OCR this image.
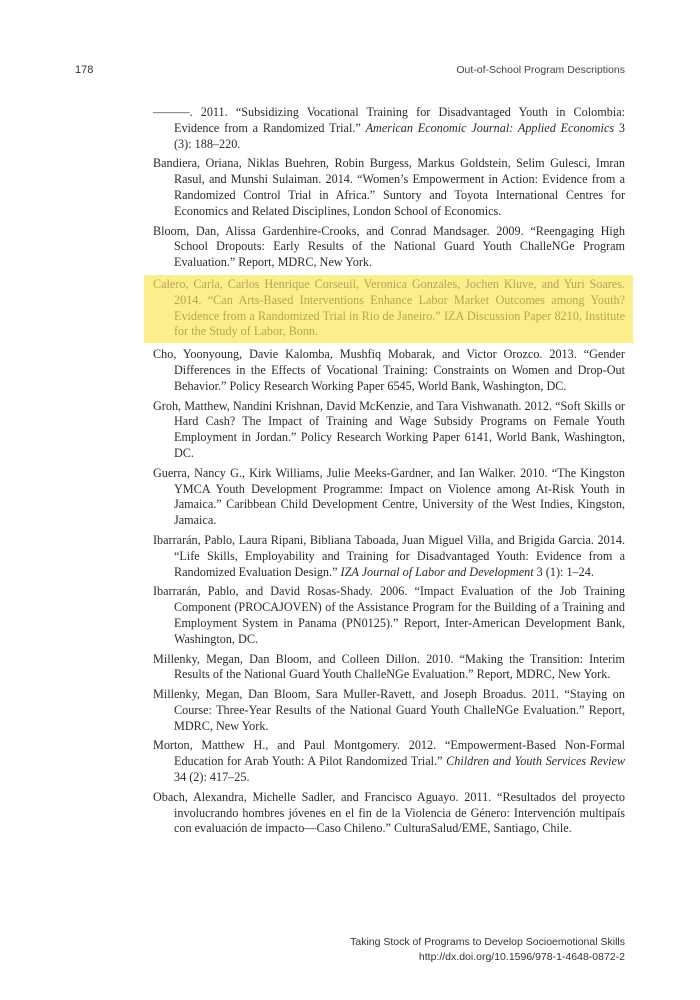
178	Out-of-School Program Descriptions

———. 2011. “Subsidizing Vocational Training for Disadvantaged Youth in Colombia: Evidence from a Randomized Trial.” American Economic Journal: Applied Economics 3 (3): 188–220.

Bandiera, Oriana, Niklas Buehren, Robin Burgess, Markus Goldstein, Selim Gulesci, Imran Rasul, and Munshi Sulaiman. 2014. “Women’s Empowerment in Action: Evidence from a Randomized Control Trial in Africa.” Suntory and Toyota International Centres for Economics and Related Disciplines, London School of Economics.

Bloom, Dan, Alissa Gardenhire-Crooks, and Conrad Mandsager. 2009. “Reengaging High School Dropouts: Early Results of the National Guard Youth ChalleNGe Program Evaluation.” Report, MDRC, New York.

Calero, Carla, Carlos Henrique Corseuil, Veronica Gonzales, Jochen Kluve, and Yuri Soares. 2014. “Can Arts-Based Interventions Enhance Labor Market Outcomes among Youth? Evidence from a Randomized Trial in Rio de Janeiro.” IZA Discussion Paper 8210, Institute for the Study of Labor, Bonn.

Cho, Yoonyoung, Davie Kalomba, Mushfiq Mobarak, and Victor Orozco. 2013. “Gender Differences in the Effects of Vocational Training: Constraints on Women and Drop-Out Behavior.” Policy Research Working Paper 6545, World Bank, Washington, DC.

Groh, Matthew, Nandini Krishnan, David McKenzie, and Tara Vishwanath. 2012. “Soft Skills or Hard Cash? The Impact of Training and Wage Subsidy Programs on Female Youth Employment in Jordan.” Policy Research Working Paper 6141, World Bank, Washington, DC.

Guerra, Nancy G., Kirk Williams, Julie Meeks-Gardner, and Ian Walker. 2010. “The Kingston YMCA Youth Development Programme: Impact on Violence among At-Risk Youth in Jamaica.” Caribbean Child Development Centre, University of the West Indies, Kingston, Jamaica.

Ibarrarán, Pablo, Laura Ripani, Bibliana Taboada, Juan Miguel Villa, and Brigida Garcia. 2014. “Life Skills, Employability and Training for Disadvantaged Youth: Evidence from a Randomized Evaluation Design.” IZA Journal of Labor and Development 3 (1): 1–24.

Ibarrarán, Pablo, and David Rosas-Shady. 2006. “Impact Evaluation of the Job Training Component (PROCAJOVEN) of the Assistance Program for the Building of a Training and Employment System in Panama (PN0125).” Report, Inter-American Development Bank, Washington, DC.

Millenky, Megan, Dan Bloom, and Colleen Dillon. 2010. “Making the Transition: Interim Results of the National Guard Youth ChalleNGe Evaluation.” Report, MDRC, New York.

Millenky, Megan, Dan Bloom, Sara Muller-Ravett, and Joseph Broadus. 2011. “Staying on Course: Three-Year Results of the National Guard Youth ChalleNGe Evaluation.” Report, MDRC, New York.

Morton, Matthew H., and Paul Montgomery. 2012. “Empowerment-Based Non-Formal Education for Arab Youth: A Pilot Randomized Trial.” Children and Youth Services Review 34 (2): 417–25.

Obach, Alexandra, Michelle Sadler, and Francisco Aguayo. 2011. “Resultados del proyecto involucrando hombres jóvenes en el fin de la Violencia de Género: Intervención multipaís con evaluación de impacto—Caso Chileno.” CulturaSalud/EME, Santiago, Chile.

Taking Stock of Programs to Develop Socioemotional Skills
http://dx.doi.org/10.1596/978-1-4648-0872-2
